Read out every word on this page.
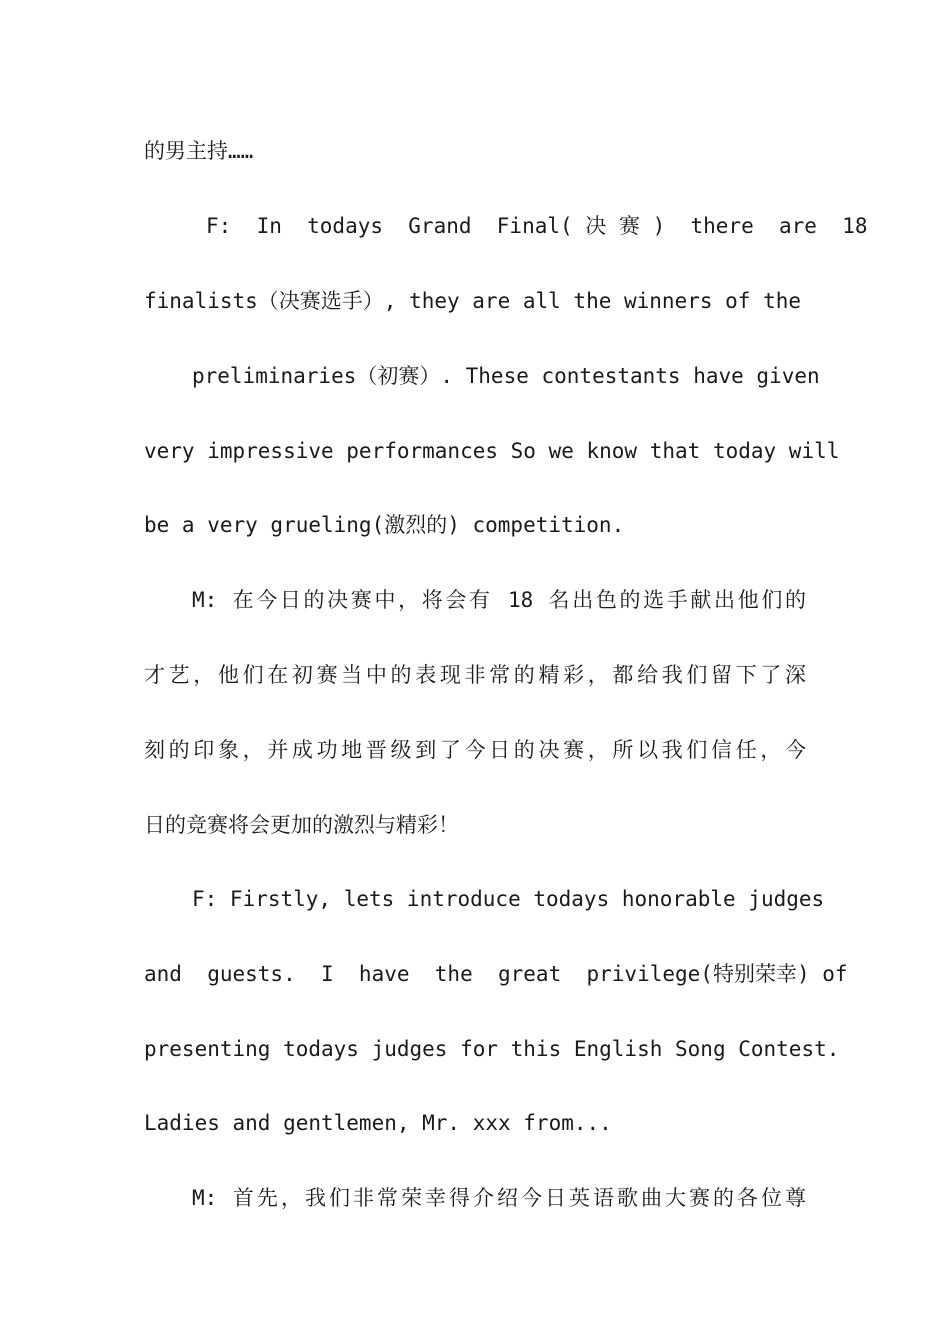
的男主持……
F:  In  todays  Grand  Final( 决 赛 )  there  are  18
finalists（决赛选手）, they are all the winners of the
preliminaries（初赛）. These contestants have given
very impressive performances So we know that today will
be a very grueling(激烈的) competition.
M: 在今日的决赛中，将会有 18 名出色的选手献出他们的
才艺，他们在初赛当中的表现非常的精彩，都给我们留下了深
刻的印象，并成功地晋级到了今日的决赛，所以我们信任，今
日的竞赛将会更加的激烈与精彩！
F: Firstly, lets introduce todays honorable judges
and  guests.  I  have  the  great  privilege(特别荣幸) of
presenting todays judges for this English Song Contest.
Ladies and gentlemen, Mr. xxx from...
M: 首先，我们非常荣幸得介绍今日英语歌曲大赛的各位尊
